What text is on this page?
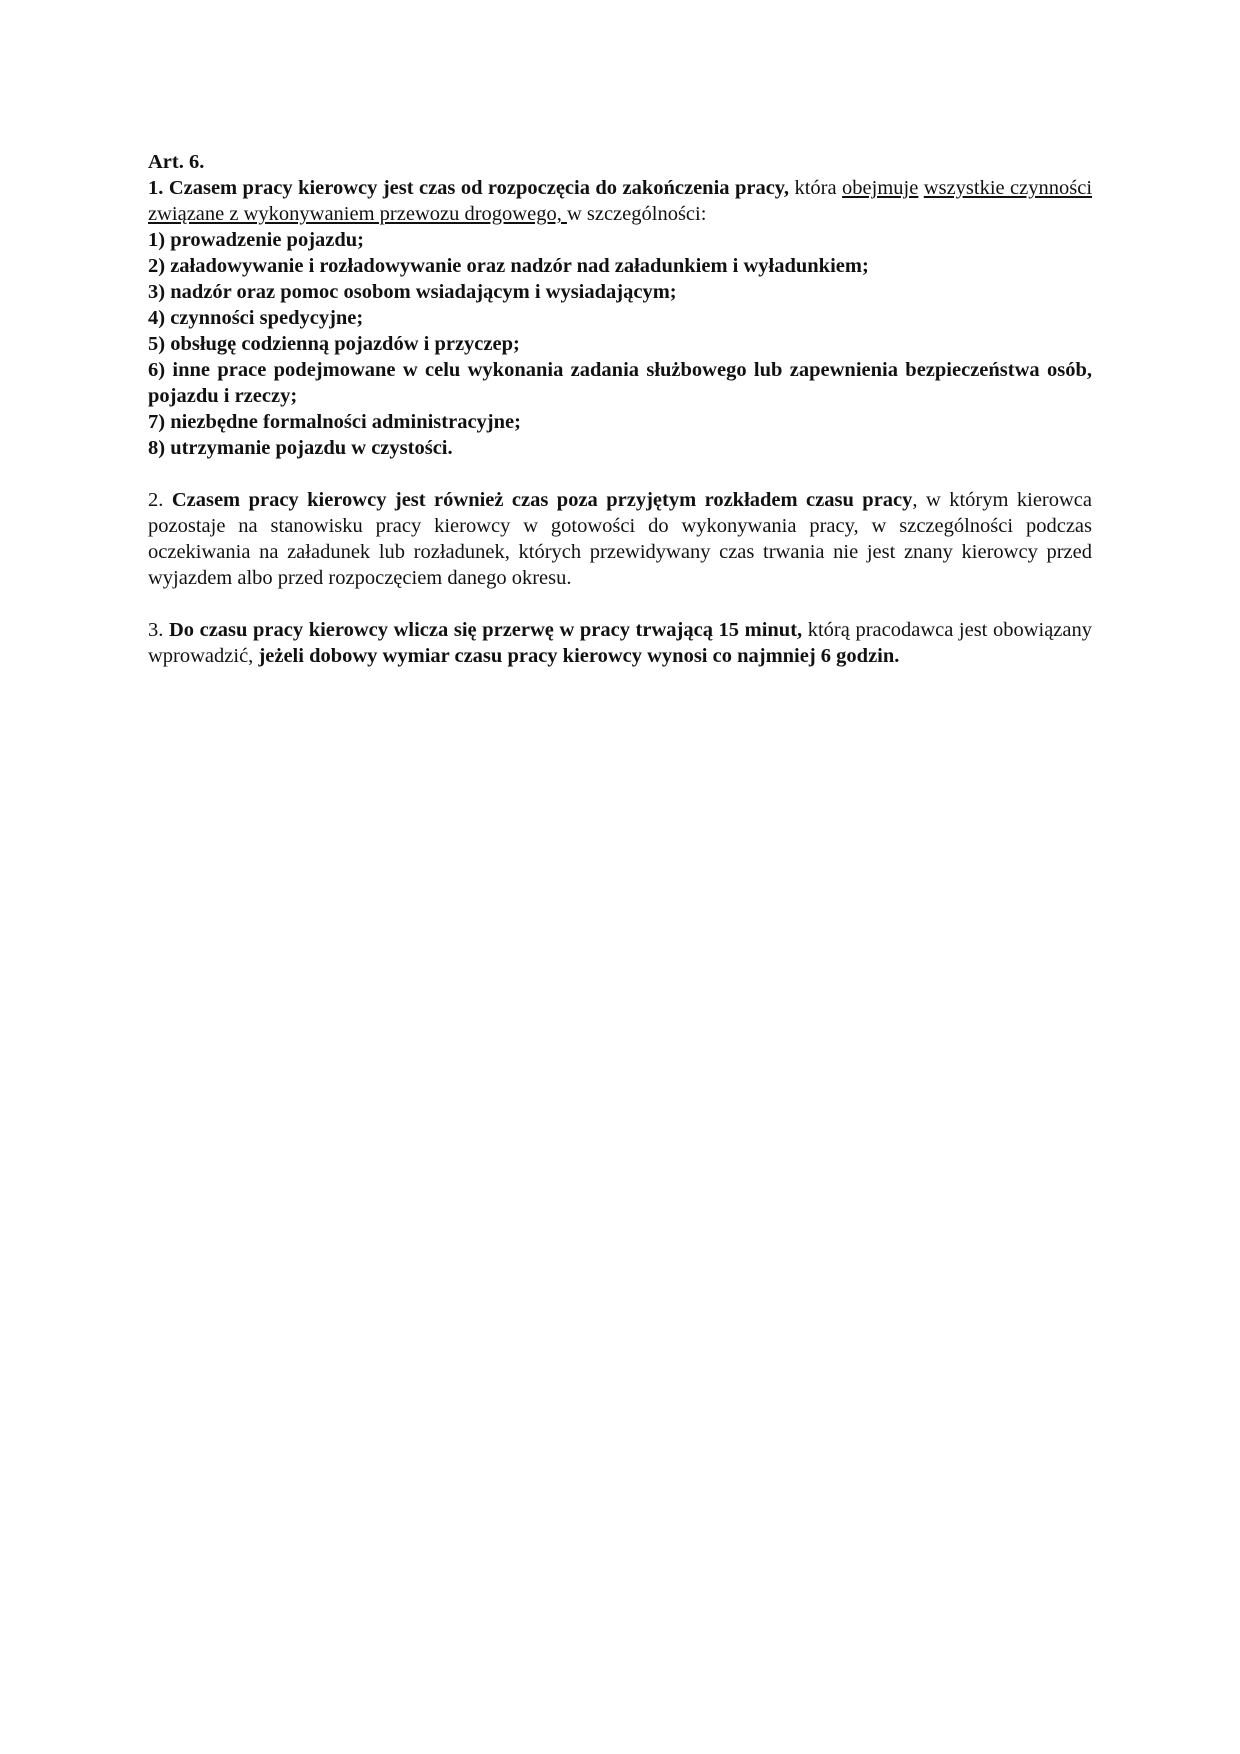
Art. 6.
1. Czasem pracy kierowcy jest czas od rozpoczęcia do zakończenia pracy, która obejmuje wszystkie czynności związane z wykonywaniem przewozu drogowego, w szczególności:
1) prowadzenie pojazdu;
2) załadowywanie i rozładowywanie oraz nadzór nad załadunkiem i wyładunkiem;
3) nadzór oraz pomoc osobom wsiadającym i wysiadającym;
4) czynności spedycyjne;
5) obsługę codzienną pojazdów i przyczep;
6) inne prace podejmowane w celu wykonania zadania służbowego lub zapewnienia bezpieczeństwa osób, pojazdu i rzeczy;
7) niezbędne formalności administracyjne;
8) utrzymanie pojazdu w czystości.
2. Czasem pracy kierowcy jest również czas poza przyjętym rozkładem czasu pracy, w którym kierowca pozostaje na stanowisku pracy kierowcy w gotowości do wykonywania pracy, w szczególności podczas oczekiwania na załadunek lub rozładunek, których przewidywany czas trwania nie jest znany kierowcy przed wyjazdem albo przed rozpoczęciem danego okresu.
3. Do czasu pracy kierowcy wlicza się przerwę w pracy trwającą 15 minut, którą pracodawca jest obowiązany wprowadzić, jeżeli dobowy wymiar czasu pracy kierowcy wynosi co najmniej 6 godzin.
